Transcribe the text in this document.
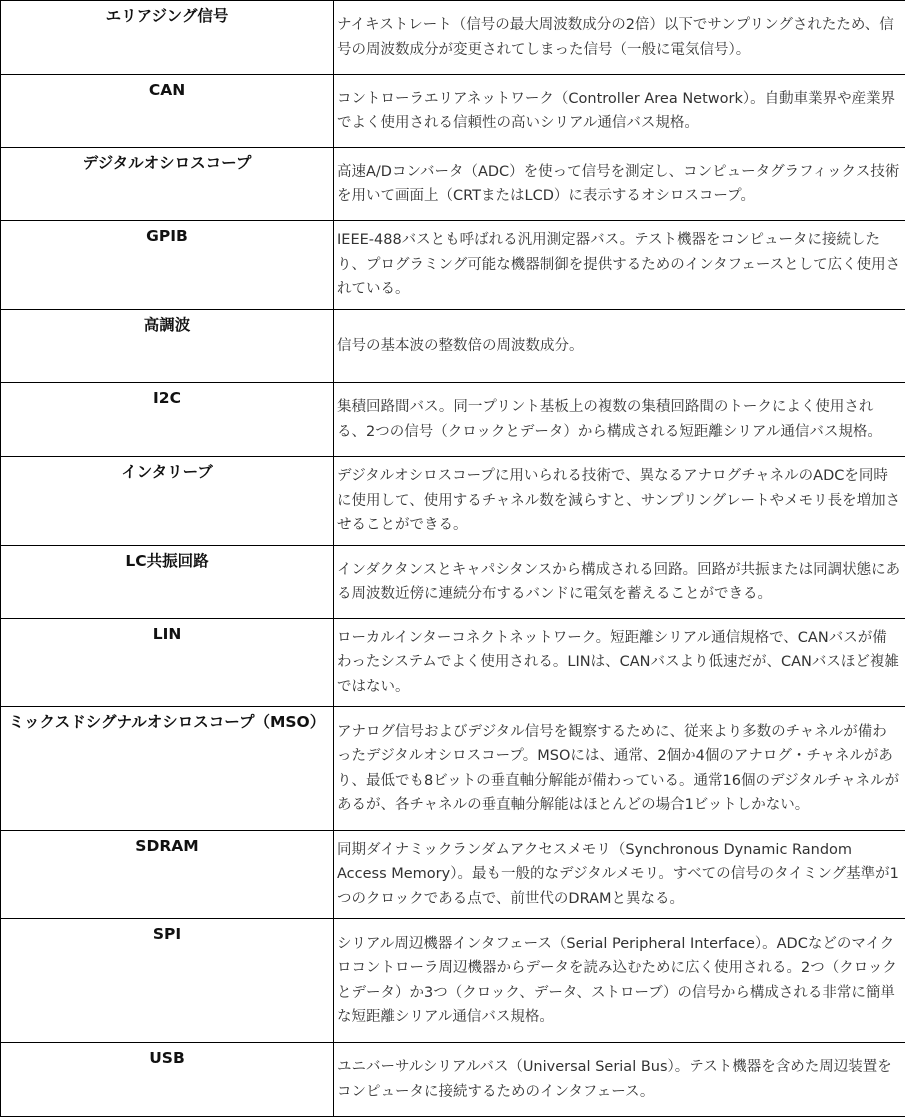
エリアジング信号	ナイキストレート（信号の最大周波数成分の2倍）以下でサンプリングされたため、信号の周波数成分が変更されてしまった信号（一般に電気信号）。
CAN	コントローラエリアネットワーク（Controller Area Network）。自動車業界や産業界でよく使用される信頼性の高いシリアル通信バス規格。
デジタルオシロスコープ	高速A/Dコンバータ（ADC）を使って信号を測定し、コンピュータグラフィックス技術を用いて画面上（CRTまたはLCD）に表示するオシロスコープ。
GPIB	IEEE-488バスとも呼ばれる汎用測定器バス。テスト機器をコンピュータに接続したり、プログラミング可能な機器制御を提供するためのインタフェースとして広く使用されている。
高調波	信号の基本波の整数倍の周波数成分。
I2C	集積回路間バス。同一プリント基板上の複数の集積回路間のトークによく使用される、2つの信号（クロックとデータ）から構成される短距離シリアル通信バス規格。
インタリーブ	デジタルオシロスコープに用いられる技術で、異なるアナログチャネルのADCを同時に使用して、使用するチャネル数を減らすと、サンプリングレートやメモリ長を増加させることができる。
LC共振回路	インダクタンスとキャパシタンスから構成される回路。回路が共振または同調状態にある周波数近傍に連続分布するバンドに電気を蓄えることができる。
LIN	ローカルインターコネクトネットワーク。短距離シリアル通信規格で、CANバスが備わったシステムでよく使用される。LINは、CANバスより低速だが、CANバスほど複雑ではない。
ミックスドシグナルオシロスコープ（MSO）	アナログ信号およびデジタル信号を観察するために、従来より多数のチャネルが備わったデジタルオシロスコープ。MSOには、通常、2個か4個のアナログ・チャネルがあり、最低でも8ビットの垂直軸分解能が備わっている。通常16個のデジタルチャネルがあるが、各チャネルの垂直軸分解能はほとんどの場合1ビットしかない。
SDRAM	同期ダイナミックランダムアクセスメモリ（Synchronous Dynamic Random Access Memory）。最も一般的なデジタルメモリ。すべての信号のタイミング基準が1つのクロックである点で、前世代のDRAMと異なる。
SPI	シリアル周辺機器インタフェース（Serial Peripheral Interface）。ADCなどのマイクロコントローラ周辺機器からデータを読み込むために広く使用される。2つ（クロックとデータ）か3つ（クロック、データ、ストローブ）の信号から構成される非常に簡単な短距離シリアル通信バス規格。
USB	ユニバーサルシリアルバス（Universal Serial Bus）。テスト機器を含めた周辺装置をコンピュータに接続するためのインタフェース。
